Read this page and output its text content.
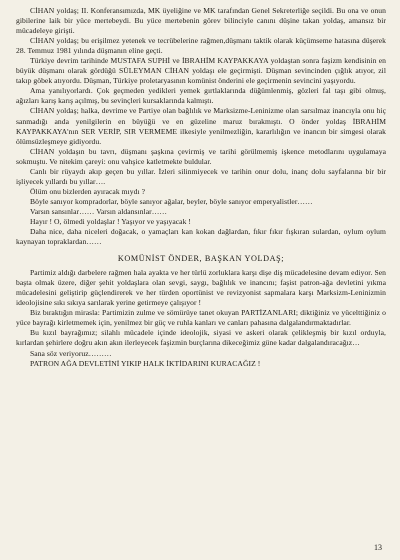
CİHAN yoldaş; II. Konferansımızda, MK üyeliğine ve MK tarafından Genel Sekreterliğe seçildi. Bu ona ve onun gibilerine laik bir yüce mertebeydi. Bu yüce mertebenin görev bilinciyle canını düşine takan yoldaş, amansız bir mücadeleye girişti.

CİHAN yoldaş; bu erişilmez yetenek ve tecrübelerine rağmen,düşmanı taktik olarak küçümseme hatasına düşerek 28. Temmuz 1981 yılında düşmanın eline geçti.

Türkiye devrim tarihinde MUSTAFA SUPHİ ve İBRAHİM KAYPAKKAYA yoldaştan sonra faşizm kendisinin en büyük düşmanı olarak gördüğü SÜLEYMAN CİHAN yoldaşı ele geçirmişti. Düşman sevincinden çığlık atıyor, zil takıp göbek atıyordu. Düşman, Türkiye proletaryasının komünist önderini ele geçirmenin sevincini yaşıyordu.

Ama yanılıyorlardı. Çok geçmeden yedikleri yemek gırtlaklarında düğümlenmiş, gözleri fal taşı gibi olmuş, ağızları karış karış açılmış, bu sevinçleri kursaklarında kalmıştı.

CİHAN yoldaş; halka, devrime ve Partiye olan bağlılık ve Marksizme-Leninizme olan sarsılmaz inancıyla onu hiç sanmadığı anda yenilgilerin en büyüğü ve en güzeline maruz bırakmıştı. O önder yoldaş İBRAHİM KAYPAKKAYA'nın SER VERİP, SIR VERMEME ilkesiyle yenilmezliğin, kararlılığın ve inancın bir simgesi olarak ölümsüzleşmeye gidiyordu.

CİHAN yoldaşın bu tavrı, düşmanı şaşkına çevirmiş ve tarihi görülmemiş işkence metodlarını uygulamaya sokmuştu. Ve nitekim çareyi: onu vahşice katletmekte buldular.

Canlı bir rüyaydı akıp geçen bu yıllar. İzleri silinmiyecek ve tarihin onur dolu, inanç dolu sayfalarına bir bir işliyecek yıllardı bu yıllar….

Ölüm onu bizlerden ayıracak mıydı ?

Böyle sanıyor kompradorlar, böyle sanıyor ağalar, beyler, böyle sanıyor emperyalistler……

Varsın sansınlar…… Varsın aldansınlar……

Hayır ! O, ölmedi yoldaşlar ! Yaşıyor ve yaşıyacak !

Daha nice, daha niceleri doğacak, o yamaçları kan kokan dağlardan, fıkır fıkır fışkıran sulardan, oylum oylum kaynayan topraklardan……

KOMÜNİST ÖNDER, BAŞKAN YOLDAŞ;

Partimiz aldığı darbelere rağmen hala ayakta ve her türlü zorluklara karşı dişe diş mücadelesine devam ediyor. Sen başta olmak üzere, diğer şehit yoldaşlara olan sevgi, saygı, bağlılık ve inancını; faşist patron-ağa devletini yıkma mücadelesini geliştirip güçlendirerek ve her türden oportünist ve revizyonist sapmalara karşı Marksizm-Leninizmin ideolojisine sıkı sıkıya sarılarak yerine getirmeye çalışıyor !

Biz bıraktığın mirasla: Partimizin zulme ve sömürüye tanet okuyan PARTİZANLARI; diktiğiniz ve yücelttiğiniz o yüce bayrağı kirletmemek için, yenilmez bir güç ve ruhla kanları ve canları pahasına dalgalandırmaktadırlar.

Bu kızıl bayrağımız; silahlı mücadele içinde ideolojik, siyasi ve askeri olarak çelikleşmiş bir kızıl orduyla, kırlardan şehirlere doğru akın akın ilerleyecek faşizmin burçlarına dikeceğimiz güne kadar dalgalandıracağız…

Sana söz veriyoruz………

PATRON AĞA DEVLETİNİ YIKIP HALK İKTİDARINI KURACAĞIZ !

13
